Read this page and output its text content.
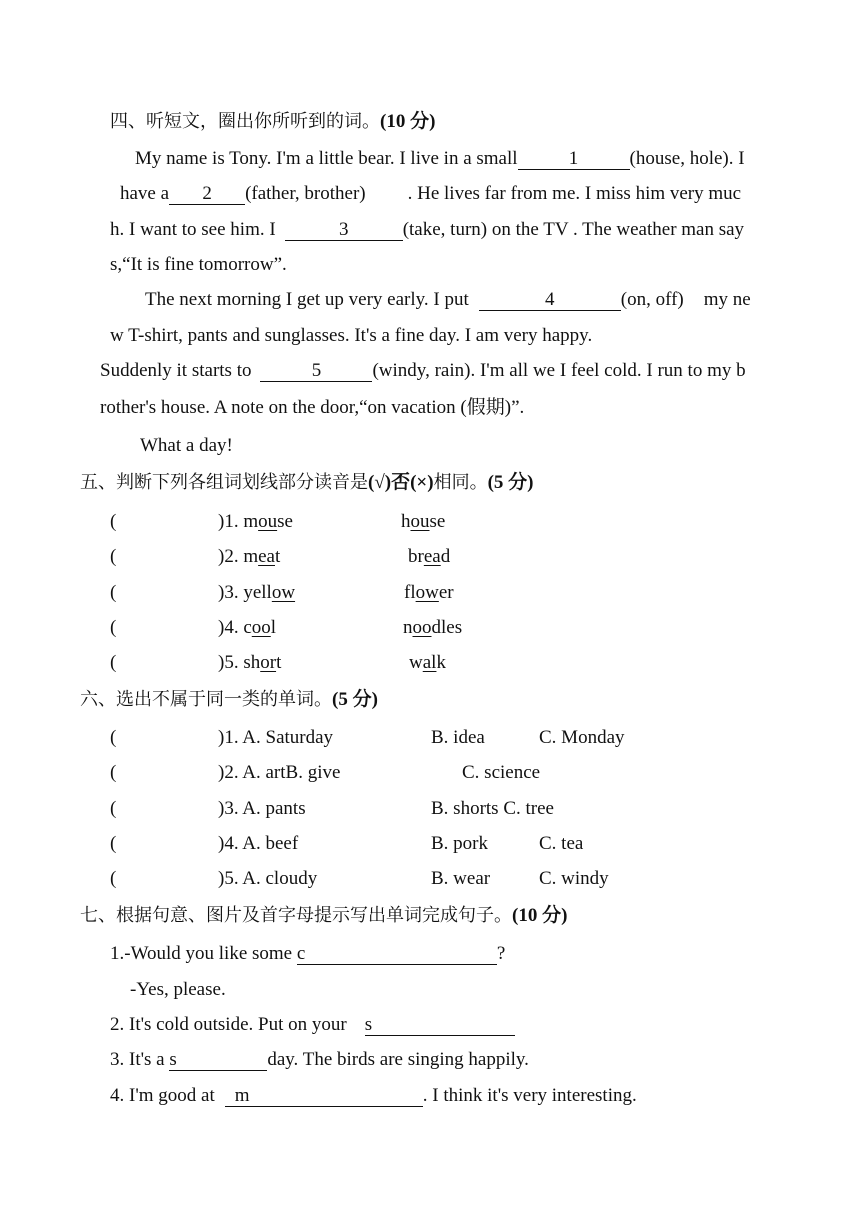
四、听短文，圈出你所听到的词。(10 分)
My name is Tony. I'm a little bear. I live in a small	1	(house, hole). I
have a 2 (father, brother) . He lives far from me. I miss him very muc
h. I want to see him. I	3	(take, turn) on the TV . The weather man say
s,“It is fine tomorrow”.
The next morning I get up very early. I put	4	(on, off) my ne
w T-shirt, pants and sunglasses. It's a fine day. I am very happy.
Suddenly it starts to	5	(windy, rain). I'm all we I feel cold. I run to my b
rother's house. A note on the door,“on vacation (假期)”.
What a day!
五、判断下列各组词划线部分读音是(√)否(×)相同。(5 分)
(	)1. mouse	house
(	)2. meat	bread
(	)3. yellow	flower
(	)4. cool	noodles
(	)5. short	walk
六、选出不属于同一类的单词。(5 分)
(	)1. A. Saturday	B. idea	C. Monday
(	)2. A. artB. give	C. science
(	)3. A. pants	B. shorts C. tree
(	)4. A. beef	B. pork	C. tea
(	)5. A. cloudy	B. wear	C. windy
七、根据句意、图片及首字母提示写出单词完成句子。(10 分)
1.-Would you like some c	?
-Yes, please.
2. It's cold outside. Put on your s
3. It's a s	day. The birds are singing happily.
4. I'm good at m	. I think it's very interesting.
